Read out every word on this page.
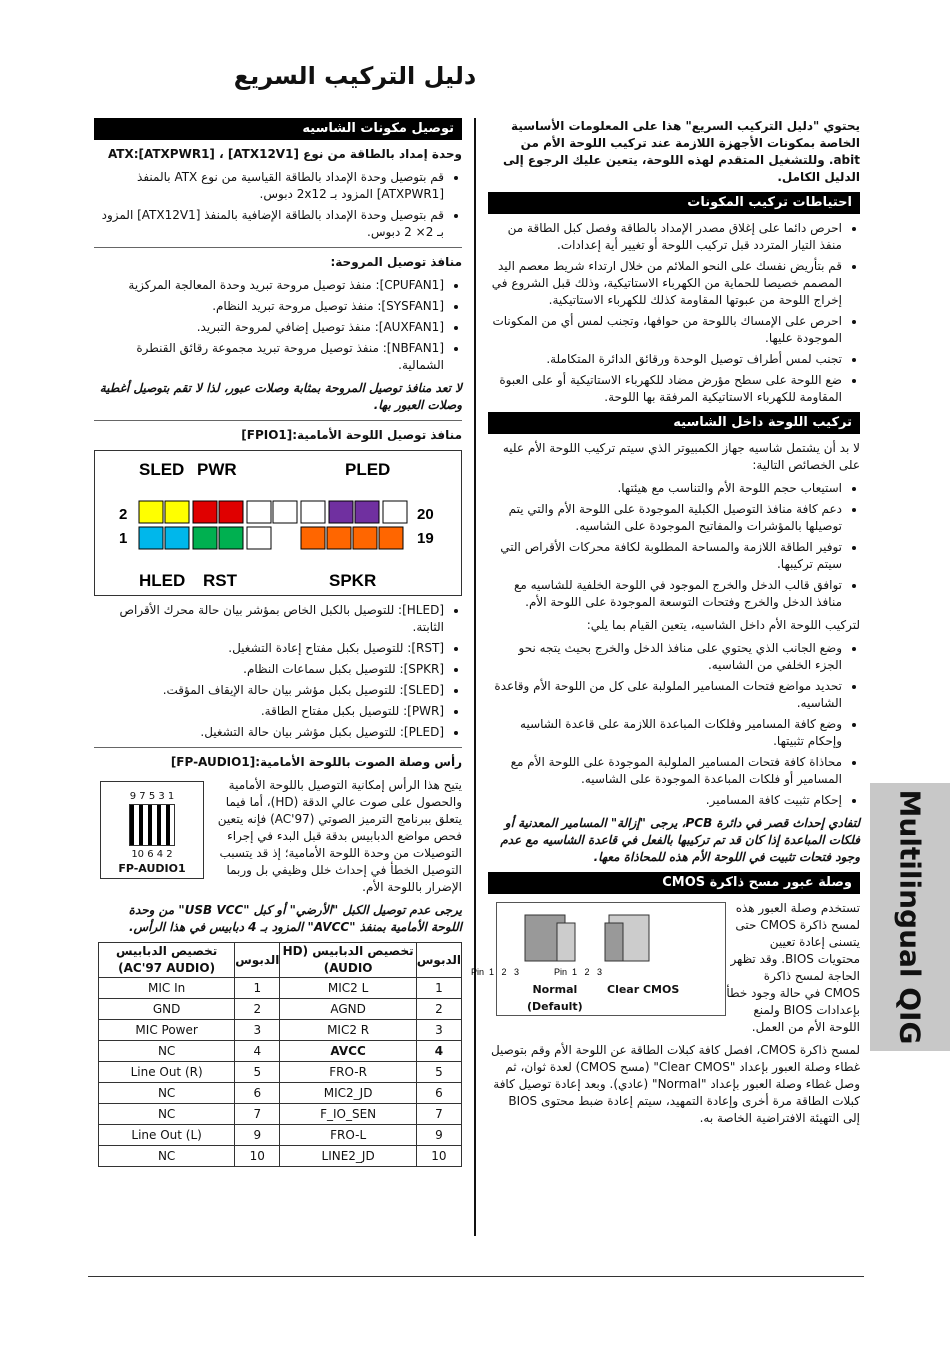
دليل التركيب السريع

يحتوي "دليل التركيب السريع" هذا على المعلومات الأساسية الخاصة بمكونات الأجهزة اللازمة عند تركيب اللوحة الأم من abit. وللتشغيل المتقدم لهذه اللوحة، يتعين عليك الرجوع إلى الدليل الكامل.

احتياطات تركيب المكونات
• احرص دائما على إغلاق مصدر الإمداد بالطاقة وفصل كبل الطاقة من منفذ التيار المتردد قبل تركيب اللوحة أو تغيير أية إعدادات.
• قم بتأريض نفسك على النحو الملائم من خلال ارتداء شريط معصم اليد المصمم خصيصا للحماية من الكهرباء الاستاتيكية، وذلك قبل الشروع في إخراج اللوحة من عبوتها المقاومة كذلك للكهرباء الاستاتيكية.
• احرص على الإمساك باللوحة من حوافها، وتجنب لمس أي من المكونات الموجودة عليها.
• تجنب لمس أطراف توصيل الوحدة ورقائق الدائرة المتكاملة.
• ضع اللوحة على سطح مؤرض مضاد للكهرباء الاستاتيكية أو على العبوة المقاومة للكهرباء الاستاتيكية المرفقة بها اللوحة.
تركيب اللوحة داخل الشاسيه

لا بد أن يشتمل شاسيه جهاز الكمبيوتر الذي سيتم تركيب اللوحة الأم عليه على الخصائص التالية:

• استيعاب حجم اللوحة الأم والتناسب مع هيئتها.
• دعم كافة منافذ التوصيل الكبلية الموجودة على اللوحة الأم والتي يتم توصيلها بالمؤشرات والمفاتيح الموجودة على الشاسيه.
• توفير الطاقة اللازمة والمساحة المطلوبة لكافة محركات الأقراص التي سيتم تركيبها.
• توافق قالب الدخل والخرج الموجود في اللوحة الخلفية للشاسيه مع منافذ الدخل والخرج وفتحات التوسعة الموجودة على اللوحة الأم.

لتركيب اللوحة الأم داخل الشاسيه، يتعين القيام بما يلي:

• وضع الجانب الذي يحتوي على منافذ الدخل والخرج بحيث يتجه نحو الجزء الخلفي من الشاسيه.
• تحديد مواضع فتحات المسامير الملولبة على كل من اللوحة الأم وقاعدة الشاسيه.
• وضع كافة المسامير وفلكات المباعدة اللازمة على قاعدة الشاسيه وإحكام تثبيتها.
• محاذاة كافة فتحات المسامير الملولبة الموجودة على اللوحة الأم مع المسامير أو فلكات المباعدة الموجودة على الشاسيه.
• إحكام تثبيت كافة المسامير.

لتفادي إحداث قصر في دائرة PCB، يرجى "إزالة" المسامير المعدنية أو فلكات المباعدة إذا كان قد تم تركيبها بالفعل في قاعدة الشاسيه مع عدم وجود فتحات تثبيت في اللوحة الأم هذه للمحاذاة معها.

وصلة عبور مسح ذاكرة CMOS
Pin  1   2   3	Pin  1   2   3
Normal
(Default)
Clear CMOS

تستخدم وصلة العبور هذه لمسح ذاكرة CMOS حتى يتسنى إعادة تعيين محتويات BIOS. وقد تظهر الحاجة لمسح ذاكرة CMOS في حالة وجود خطأ بإعدادات BIOS ولمنع اللوحة الأم من العمل.

لمسح ذاكرة CMOS، افصل كافة كبلات الطاقة عن اللوحة الأم وقم بتوصيل غطاء وصلة العبور بإعداد "Clear CMOS" (مسح CMOS) لعدة ثوان، ثم وصل غطاء وصلة العبور بإعداد "Normal" (عادي). وبعد إعادة توصيل كافة كبلات الطاقة مرة أخرى وإعادة التمهيد، سيتم إعادة ضبط محتوى BIOS إلى التهيئة الافتراضية الخاصة به.

توصيل مكونات الشاسيه

وحدة إمداد بالطاقة من نوع ATX:[ATXPWR1] ، [ATX12V1]

• قم بتوصيل وحدة الإمداد بالطاقة القياسية من نوع ATX بالمنفذ [ATXPWR1] المزود بـ 2x12 دبوس.
• قم بتوصيل وحدة الإمداد بالطاقة الإضافية بالمنفذ [ATX12V1] المزود بـ 2× 2 دبوس.

منافذ توصيل المروحة:

• [CPUFAN1]: منفذ توصيل مروحة تبريد وحدة المعالجة المركزية
• [SYSFAN1]: منفذ توصيل مروحة تبريد النظام.
• [AUXFAN1]: منفذ توصيل إضافي لمروحة التبريد.
• [NBFAN1]: منفذ توصيل مروحة تبريد مجموعة رقائق القنطرة الشمالية.

لا تعد منافذ توصيل المروحة بمثابة وصلات عبور، لذا لا تقم بتوصيل أغطية وصلات العبور بها.

منافذ توصيل اللوحة الأمامية:[FPIO1]

SLED PWR	PLED
HLED RST	SPKR
2
1
20
19
• [HLED]: للتوصيل بالكبل الخاص بمؤشر بيان حالة محرك الأقراص الثابتة.
• [RST]: للتوصيل بكبل مفتاح إعادة التشغيل.
• [SPKR]: للتوصيل بكبل سماعات النظام.
• [SLED]: للتوصيل بكبل مؤشر بيان حالة الإيقاف المؤقت.
• [PWR]: للتوصيل بكبل مفتاح الطاقة.
• [PLED]: للتوصيل بكبل مؤشر بيان حالة التشغيل.

رأس وصلة الصوت باللوحة الأمامية:[FP-AUDIO1]

9 7 5 3 1
10 6 4 2
FP-AUDIO1

يتيح هذا الرأس إمكانية التوصيل باللوحة الأمامية والحصول على صوت عالي الدقة (HD)، أما فيما يتعلق ببرنامج الترميز الصوتي (AC'97) فإنه يتعين فحص مواضع الدبابيس بدقة قبل البدء في إجراء التوصيلات من وحدة اللوحة الأمامية؛ إذ قد يتسبب التوصيل الخطأ في إحداث خلل وظيفي بل وربما الإضرار باللوحة الأم.

يرجى عدم توصيل الكبل "الأرضي" أو كبل "USB VCC" من وحدة اللوحة الأمامية بمنفذ "AVCC" المزود بـ 4 دبابيس في هذا الرأس.

الدبوس	تخصيص الدبابيس (HD AUDIO)	الدبوس	تخصيص الدبابيس (AC'97 AUDIO)
1	MIC2 L	1	MIC In
2	AGND	2	GND
3	MIC2 R	3	MIC Power
4	AVCC	4	NC
5	FRO-R	5	Line Out (R)
6	MIC2_JD	6	NC
7	F_IO_SEN	7	NC
9	FRO-L	9	Line Out (L)
10	LINE2_JD	10	NC
Multilingual QIG
